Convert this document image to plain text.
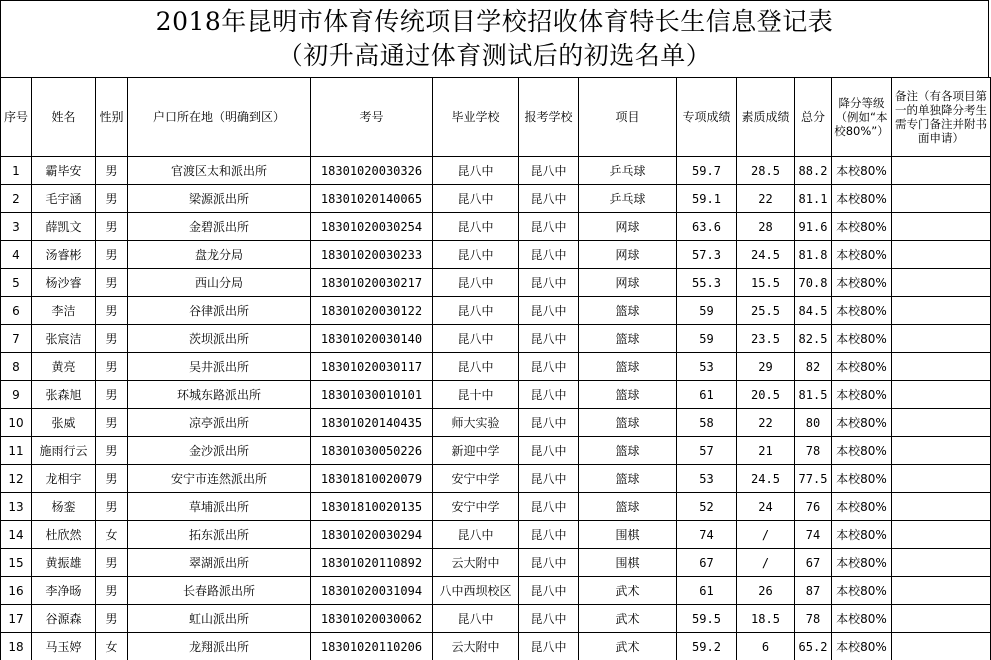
2018年昆明市体育传统项目学校招收体育特长生信息登记表
（初升高通过体育测试后的初选名单）
序号	姓名	性别	户口所在地（明确到区）	考号	毕业学校	报考学校	项目	专项成绩	素质成绩	总分	降分等级（例如“本校80%”）	备注（有各项目第一的单独降分考生需专门备注并附书面申请）
1	霸毕安	男	官渡区太和派出所	18301020030326	昆八中	昆八中	乒乓球	59.7	28.5	88.2	本校80%	
2	毛宇涵	男	梁源派出所	18301020140065	昆八中	昆八中	乒乓球	59.1	22	81.1	本校80%	
3	薛凯文	男	金碧派出所	18301020030254	昆八中	昆八中	网球	63.6	28	91.6	本校80%	
4	汤睿彬	男	盘龙分局	18301020030233	昆八中	昆八中	网球	57.3	24.5	81.8	本校80%	
5	杨沙睿	男	西山分局	18301020030217	昆八中	昆八中	网球	55.3	15.5	70.8	本校80%	
6	李洁	男	谷律派出所	18301020030122	昆八中	昆八中	篮球	59	25.5	84.5	本校80%	
7	张宸洁	男	茨坝派出所	18301020030140	昆八中	昆八中	篮球	59	23.5	82.5	本校80%	
8	黄亮	男	吴井派出所	18301020030117	昆八中	昆八中	篮球	53	29	82	本校80%	
9	张森旭	男	环城东路派出所	18301030010101	昆十中	昆八中	篮球	61	20.5	81.5	本校80%	
10	张威	男	凉亭派出所	18301020140435	师大实验	昆八中	篮球	58	22	80	本校80%	
11	施雨行云	男	金沙派出所	18301030050226	新迎中学	昆八中	篮球	57	21	78	本校80%	
12	龙相宇	男	安宁市连然派出所	18301810020079	安宁中学	昆八中	篮球	53	24.5	77.5	本校80%	
13	杨銮	男	草埔派出所	18301810020135	安宁中学	昆八中	篮球	52	24	76	本校80%	
14	杜欣然	女	拓东派出所	18301020030294	昆八中	昆八中	围棋	74	/	74	本校80%	
15	黄振雄	男	翠湖派出所	18301020110892	云大附中	昆八中	围棋	67	/	67	本校80%	
16	李净旸	男	长春路派出所	18301020031094	八中西坝校区	昆八中	武术	61	26	87	本校80%	
17	谷源森	男	虹山派出所	18301020030062	昆八中	昆八中	武术	59.5	18.5	78	本校80%	
18	马玉婷	女	龙翔派出所	18301020110206	云大附中	昆八中	武术	59.2	6	65.2	本校80%	
